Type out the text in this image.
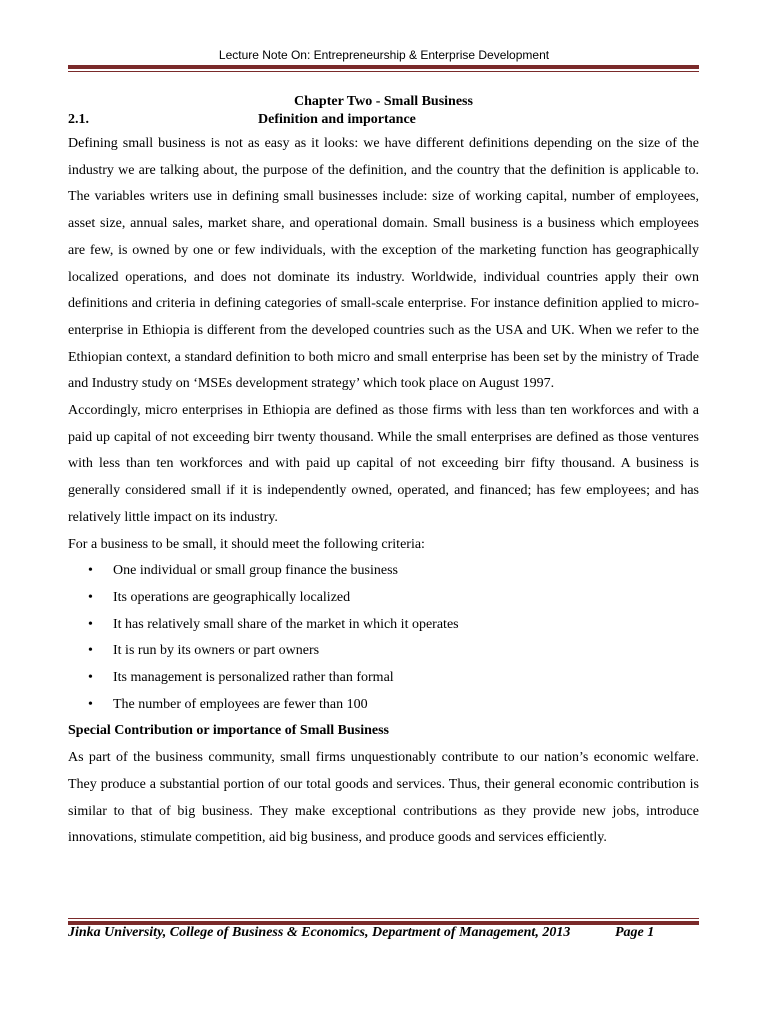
Lecture Note On: Entrepreneurship & Enterprise Development
Chapter Two - Small Business
2.1.	Definition and importance

Defining small business is not as easy as it looks: we have different definitions depending on the size of the industry we are talking about, the purpose of the definition, and the country that the definition is applicable to. The variables writers use in defining small businesses include: size of working capital, number of employees, asset size, annual sales, market share, and operational domain. Small business is a business which employees are few, is owned by one or few individuals, with the exception of the marketing function has geographically localized operations, and does not dominate its industry. Worldwide, individual countries apply their own definitions and criteria in defining categories of small-scale enterprise. For instance definition applied to micro-enterprise in Ethiopia is different from the developed countries such as the USA and UK. When we refer to the Ethiopian context, a standard definition to both micro and small enterprise has been set by the ministry of Trade and Industry study on ‘MSEs development strategy’ which took place on August 1997.

Accordingly, micro enterprises in Ethiopia are defined as those firms with less than ten workforces and with a paid up capital of not exceeding birr twenty thousand. While the small enterprises are defined as those ventures with less than ten workforces and with paid up capital of not exceeding birr fifty thousand. A business is generally considered small if it is independently owned, operated, and financed; has few employees; and has relatively little impact on its industry.

For a business to be small, it should meet the following criteria:

• One individual or small group finance the business
• Its operations are geographically localized
• It has relatively small share of the market in which it operates
• It is run by its owners or part owners
• Its management is personalized rather than formal
• The number of employees are fewer than 100
Special Contribution or importance of Small Business

As part of the business community, small firms unquestionably contribute to our nation’s economic welfare. They produce a substantial portion of our total goods and services. Thus, their general economic contribution is similar to that of big business. They make exceptional contributions as they provide new jobs, introduce innovations, stimulate competition, aid big business, and produce goods and services efficiently.

Jinka University, College of Business & Economics, Department of Management, 2013	Page 1
